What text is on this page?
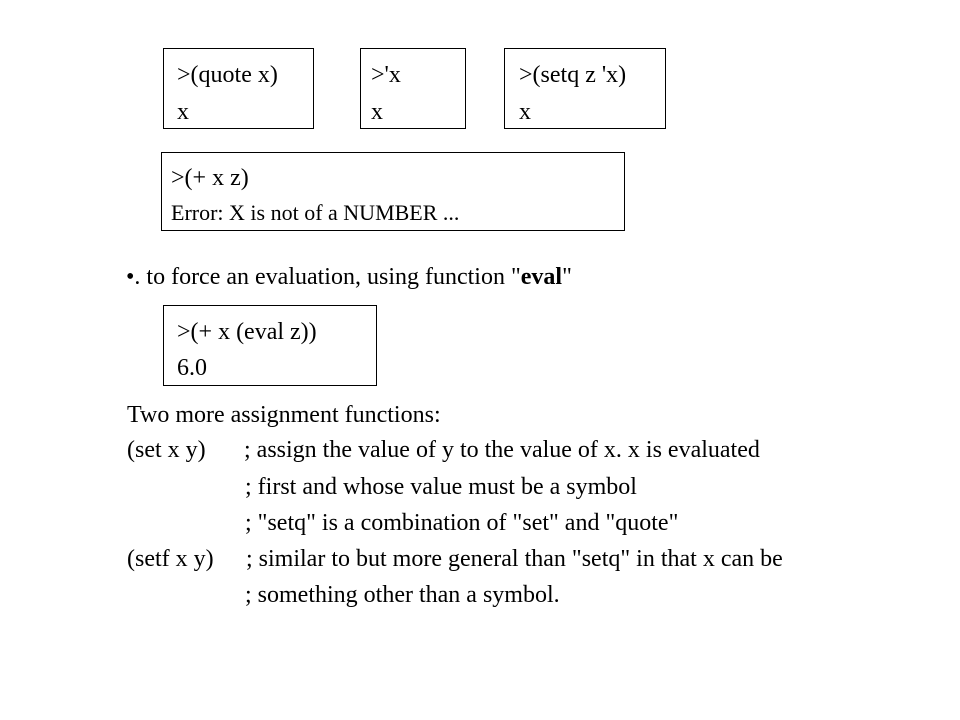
>(quote x)
x
>'x
x
>(setq z 'x)
x
>(+ x z)
Error: X is not of a NUMBER ...
•. to force an evaluation, using function "eval"
>(+ x (eval z))
6.0
Two more assignment functions:
(set x y) ; assign the value of y to the value of x. x is evaluated
; first and whose value must be a symbol
; "setq" is a combination of "set" and "quote"
(setf x y) ; similar to but more general than "setq" in that x can be
; something other than a symbol.
